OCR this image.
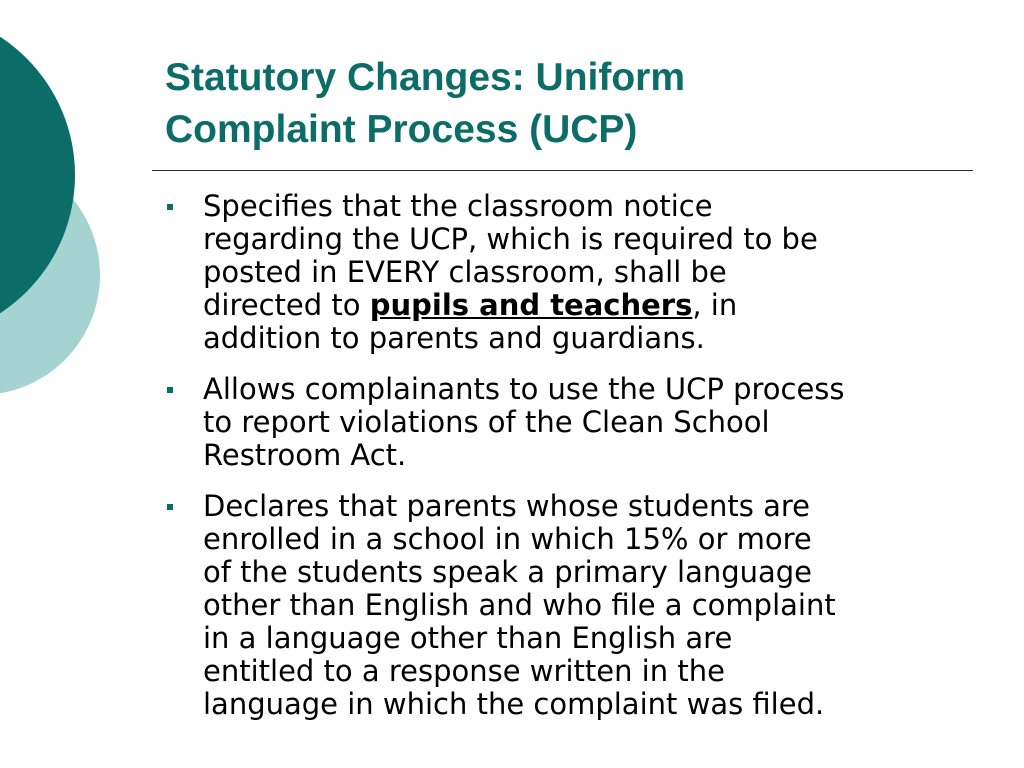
Statutory Changes: Uniform
Complaint Process (UCP)
Specifies that the classroom notice
regarding the UCP, which is required to be
posted in EVERY classroom, shall be
directed to pupils and teachers, in
addition to parents and guardians.
Allows complainants to use the UCP process
to report violations of the Clean School
Restroom Act.
Declares that parents whose students are
enrolled in a school in which 15% or more
of the students speak a primary language
other than English and who file a complaint
in a language other than English are
entitled to a response written in the
language in which the complaint was filed.
